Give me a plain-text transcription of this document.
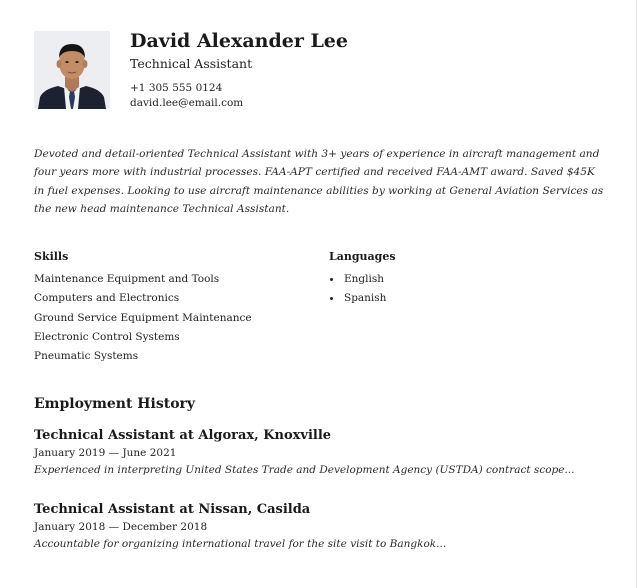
David Alexander Lee
Technical Assistant
+1 305 555 0124
david.lee@email.com
Devoted and detail-oriented Technical Assistant with 3+ years of experience in aircraft management and four years more with industrial processes. FAA-APT certified and received FAA-AMT award. Saved $45K in fuel expenses. Looking to use aircraft maintenance abilities by working at General Aviation Services as the new head maintenance Technical Assistant.
Skills
Maintenance Equipment and Tools
Computers and Electronics
Ground Service Equipment Maintenance
Electronic Control Systems
Pneumatic Systems
Languages
English
Spanish
Employment History
Technical Assistant at Algorax, Knoxville
January 2019 — June 2021
Experienced in interpreting United States Trade and Development Agency (USTDA) contract scope...
Technical Assistant at Nissan, Casilda
January 2018 — December 2018
Accountable for organizing international travel for the site visit to Bangkok...
